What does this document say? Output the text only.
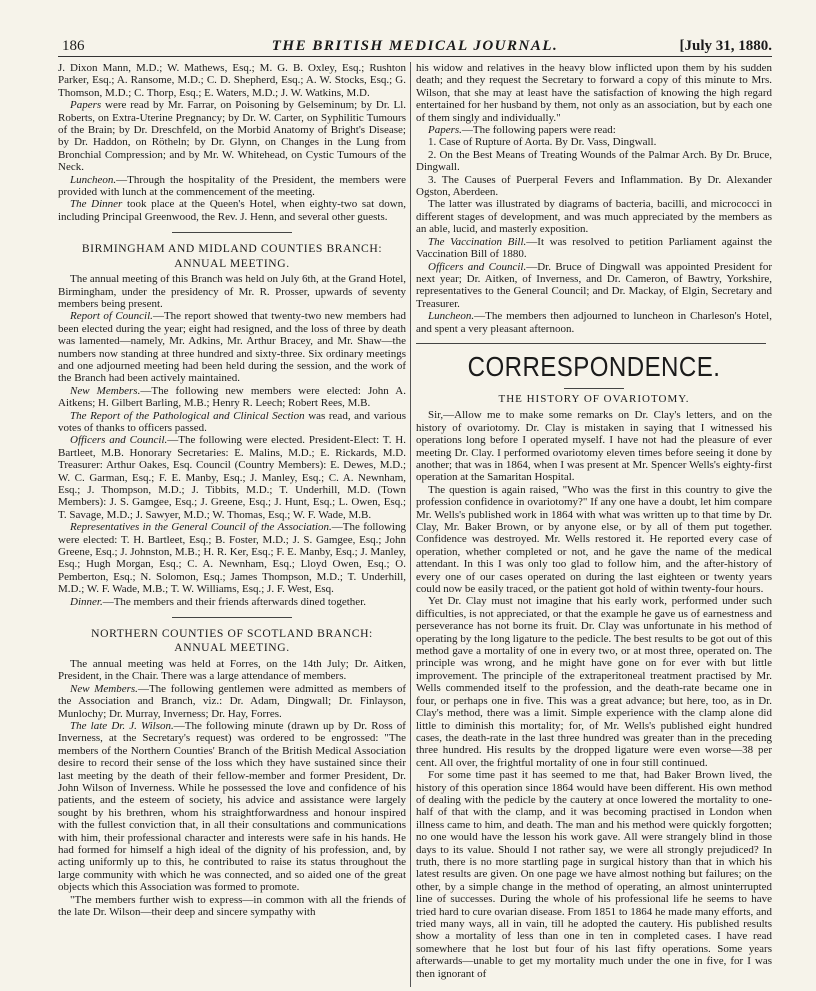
186	THE BRITISH MEDICAL JOURNAL.	[July 31, 1880.

J. Dixon Mann, M.D.; W. Mathews, Esq.; M. G. B. Oxley, Esq.; Rushton Parker, Esq.; A. Ransome, M.D.; C. D. Shepherd, Esq.; A. W. Stocks, Esq.; G. Thomson, M.D.; C. Thorp, Esq.; E. Waters, M.D.; J. W. Watkins, M.D.

Papers were read by Mr. Farrar, on Poisoning by Gelseminum; by Dr. Ll. Roberts, on Extra-Uterine Pregnancy; by Dr. W. Carter, on Syphilitic Tumours of the Brain; by Dr. Dreschfeld, on the Morbid Anatomy of Bright's Disease; by Dr. Haddon, on Rötheln; by Dr. Glynn, on Changes in the Lung from Bronchial Compression; and by Mr. W. Whitehead, on Cystic Tumours of the Neck.

Luncheon.—Through the hospitality of the President, the members were provided with lunch at the commencement of the meeting.

The Dinner took place at the Queen's Hotel, when eighty-two sat down, including Principal Greenwood, the Rev. J. Henn, and several other guests.

BIRMINGHAM AND MIDLAND COUNTIES BRANCH:
ANNUAL MEETING.

The annual meeting of this Branch was held on July 6th, at the Grand Hotel, Birmingham, under the presidency of Mr. R. Prosser, upwards of seventy members being present.

Report of Council.—The report showed that twenty-two new members had been elected during the year; eight had resigned, and the loss of three by death was lamented—namely, Mr. Adkins, Mr. Arthur Bracey, and Mr. Shaw—the numbers now standing at three hundred and sixty-three. Six ordinary meetings and one adjourned meeting had been held during the session, and the work of the Branch had been actively maintained.

New Members.—The following new members were elected: John A. Aitkens; H. Gilbert Barling, M.B.; Henry R. Leech; Robert Rees, M.B.

The Report of the Pathological and Clinical Section was read, and various votes of thanks to officers passed.

Officers and Council.—The following were elected. President-Elect: T. H. Bartleet, M.B. Honorary Secretaries: E. Malins, M.D.; E. Rickards, M.D. Treasurer: Arthur Oakes, Esq. Council (Country Members): E. Dewes, M.D.; W. C. Garman, Esq.; F. E. Manby, Esq.; J. Manley, Esq.; C. A. Newnham, Esq.; J. Thompson, M.D.; J. Tibbits, M.D.; T. Underhill, M.D. (Town Members): J. S. Gamgee, Esq.; J. Greene, Esq.; J. Hunt, Esq.; L. Owen, Esq.; T. Savage, M.D.; J. Sawyer, M.D.; W. Thomas, Esq.; W. F. Wade, M.B.

Representatives in the General Council of the Association.—The following were elected: T. H. Bartleet, Esq.; B. Foster, M.D.; J. S. Gamgee, Esq.; John Greene, Esq.; J. Johnston, M.B.; H. R. Ker, Esq.; F. E. Manby, Esq.; J. Manley, Esq.; Hugh Morgan, Esq.; C. A. Newnham, Esq.; Lloyd Owen, Esq.; O. Pemberton, Esq.; N. Solomon, Esq.; James Thompson, M.D.; T. Underhill, M.D.; W. F. Wade, M.B.; T. W. Williams, Esq.; J. F. West, Esq.

Dinner.—The members and their friends afterwards dined together.

NORTHERN COUNTIES OF SCOTLAND BRANCH:
ANNUAL MEETING.

The annual meeting was held at Forres, on the 14th July; Dr. Aitken, President, in the Chair. There was a large attendance of members.

New Members.—The following gentlemen were admitted as members of the Association and Branch, viz.: Dr. Adam, Dingwall; Dr. Finlayson, Munlochy; Dr. Murray, Inverness; Dr. Hay, Forres.

The late Dr. J. Wilson.—The following minute (drawn up by Dr. Ross of Inverness, at the Secretary's request) was ordered to be engrossed: "The members of the Northern Counties' Branch of the British Medical Association desire to record their sense of the loss which they have sustained since their last meeting by the death of their fellow-member and former President, Dr. John Wilson of Inverness. While he possessed the love and confidence of his patients, and the esteem of society, his advice and assistance were largely sought by his brethren, whom his straightforwardness and honour inspired with the fullest conviction that, in all their consultations and communications with him, their professional character and interests were safe in his hands. He had formed for himself a high ideal of the dignity of his profession, and, by acting uniformly up to this, he contributed to raise its status throughout the large community with which he was connected, and so aided one of the great objects which this Association was formed to promote.

"The members further wish to express—in common with all the friends of the late Dr. Wilson—their deep and sincere sympathy with

his widow and relatives in the heavy blow inflicted upon them by his sudden death; and they request the Secretary to forward a copy of this minute to Mrs. Wilson, that she may at least have the satisfaction of knowing the high regard entertained for her husband by them, not only as an association, but by each one of them singly and individually."

Papers.—The following papers were read:

1. Case of Rupture of Aorta. By Dr. Vass, Dingwall.
2. On the Best Means of Treating Wounds of the Palmar Arch. By Dr. Bruce, Dingwall.
3. The Causes of Puerperal Fevers and Inflammation. By Dr. Alexander Ogston, Aberdeen.

The latter was illustrated by diagrams of bacteria, bacilli, and micrococci in different stages of development, and was much appreciated by the members as an able, lucid, and masterly exposition.

The Vaccination Bill.—It was resolved to petition Parliament against the Vaccination Bill of 1880.

Officers and Council.—Dr. Bruce of Dingwall was appointed President for next year; Dr. Aitken, of Inverness, and Dr. Cameron, of Bawtry, Yorkshire, representatives to the General Council; and Dr. Mackay, of Elgin, Secretary and Treasurer.

Luncheon.—The members then adjourned to luncheon in Charleson's Hotel, and spent a very pleasant afternoon.

CORRESPONDENCE.
THE HISTORY OF OVARIOTOMY.

Sir,—Allow me to make some remarks on Dr. Clay's letters, and on the history of ovariotomy. Dr. Clay is mistaken in saying that I witnessed his operations long before I operated myself. I have not had the pleasure of ever meeting Dr. Clay. I performed ovariotomy eleven times before seeing it done by another; that was in 1864, when I was present at Mr. Spencer Wells's eighty-first operation at the Samaritan Hospital.

The question is again raised, "Who was the first in this country to give the profession confidence in ovariotomy?" If any one have a doubt, let him compare Mr. Wells's published work in 1864 with what was written up to that time by Dr. Clay, Mr. Baker Brown, or by anyone else, or by all of them put together. Confidence was destroyed. Mr. Wells restored it. He reported every case of operation, whether completed or not, and he gave the name of the medical attendant. In this I was only too glad to follow him, and the after-history of every one of our cases operated on during the last eighteen or twenty years could now be easily traced, or the patient got hold of within twenty-four hours.

Yet Dr. Clay must not imagine that his early work, performed under such difficulties, is not appreciated, or that the example he gave us of earnestness and perseverance has not borne its fruit. Dr. Clay was unfortunate in his method of operating by the long ligature to the pedicle. The best results to be got out of this method gave a mortality of one in every two, or at most three, operated on. The principle was wrong, and he might have gone on for ever with but little improvement. The principle of the extraperitoneal treatment practised by Mr. Wells commended itself to the profession, and the death-rate became one in four, or perhaps one in five. This was a great advance; but here, too, as in Dr. Clay's method, there was a limit. Simple experience with the clamp alone did little to diminish this mortality; for, of Mr. Wells's published eight hundred cases, the death-rate in the last three hundred was greater than in the preceding three hundred. His results by the dropped ligature were even worse—38 per cent. All over, the frightful mortality of one in four still continued.

For some time past it has seemed to me that, had Baker Brown lived, the history of this operation since 1864 would have been different. His own method of dealing with the pedicle by the cautery at once lowered the mortality to one-half of that with the clamp, and it was becoming practised in London when illness came to him, and death. The man and his method were quickly forgotten; no one would have the lesson his work gave. All were strangely blind in those days to its value. Should I not rather say, we were all strongly prejudiced? In truth, there is no more startling page in surgical history than that in which his latest results are given. On one page we have almost nothing but failures; on the other, by a simple change in the method of operating, an almost uninterrupted line of successes. During the whole of his professional life he seems to have tried hard to cure ovarian disease. From 1851 to 1864 he made many efforts, and tried many ways, all in vain, till he adopted the cautery. His published results show a mortality of less than one in ten in completed cases. I have read somewhere that he lost but four of his last fifty operations. Some years afterwards—unable to get my mortality much under the one in five, for I was then ignorant of
